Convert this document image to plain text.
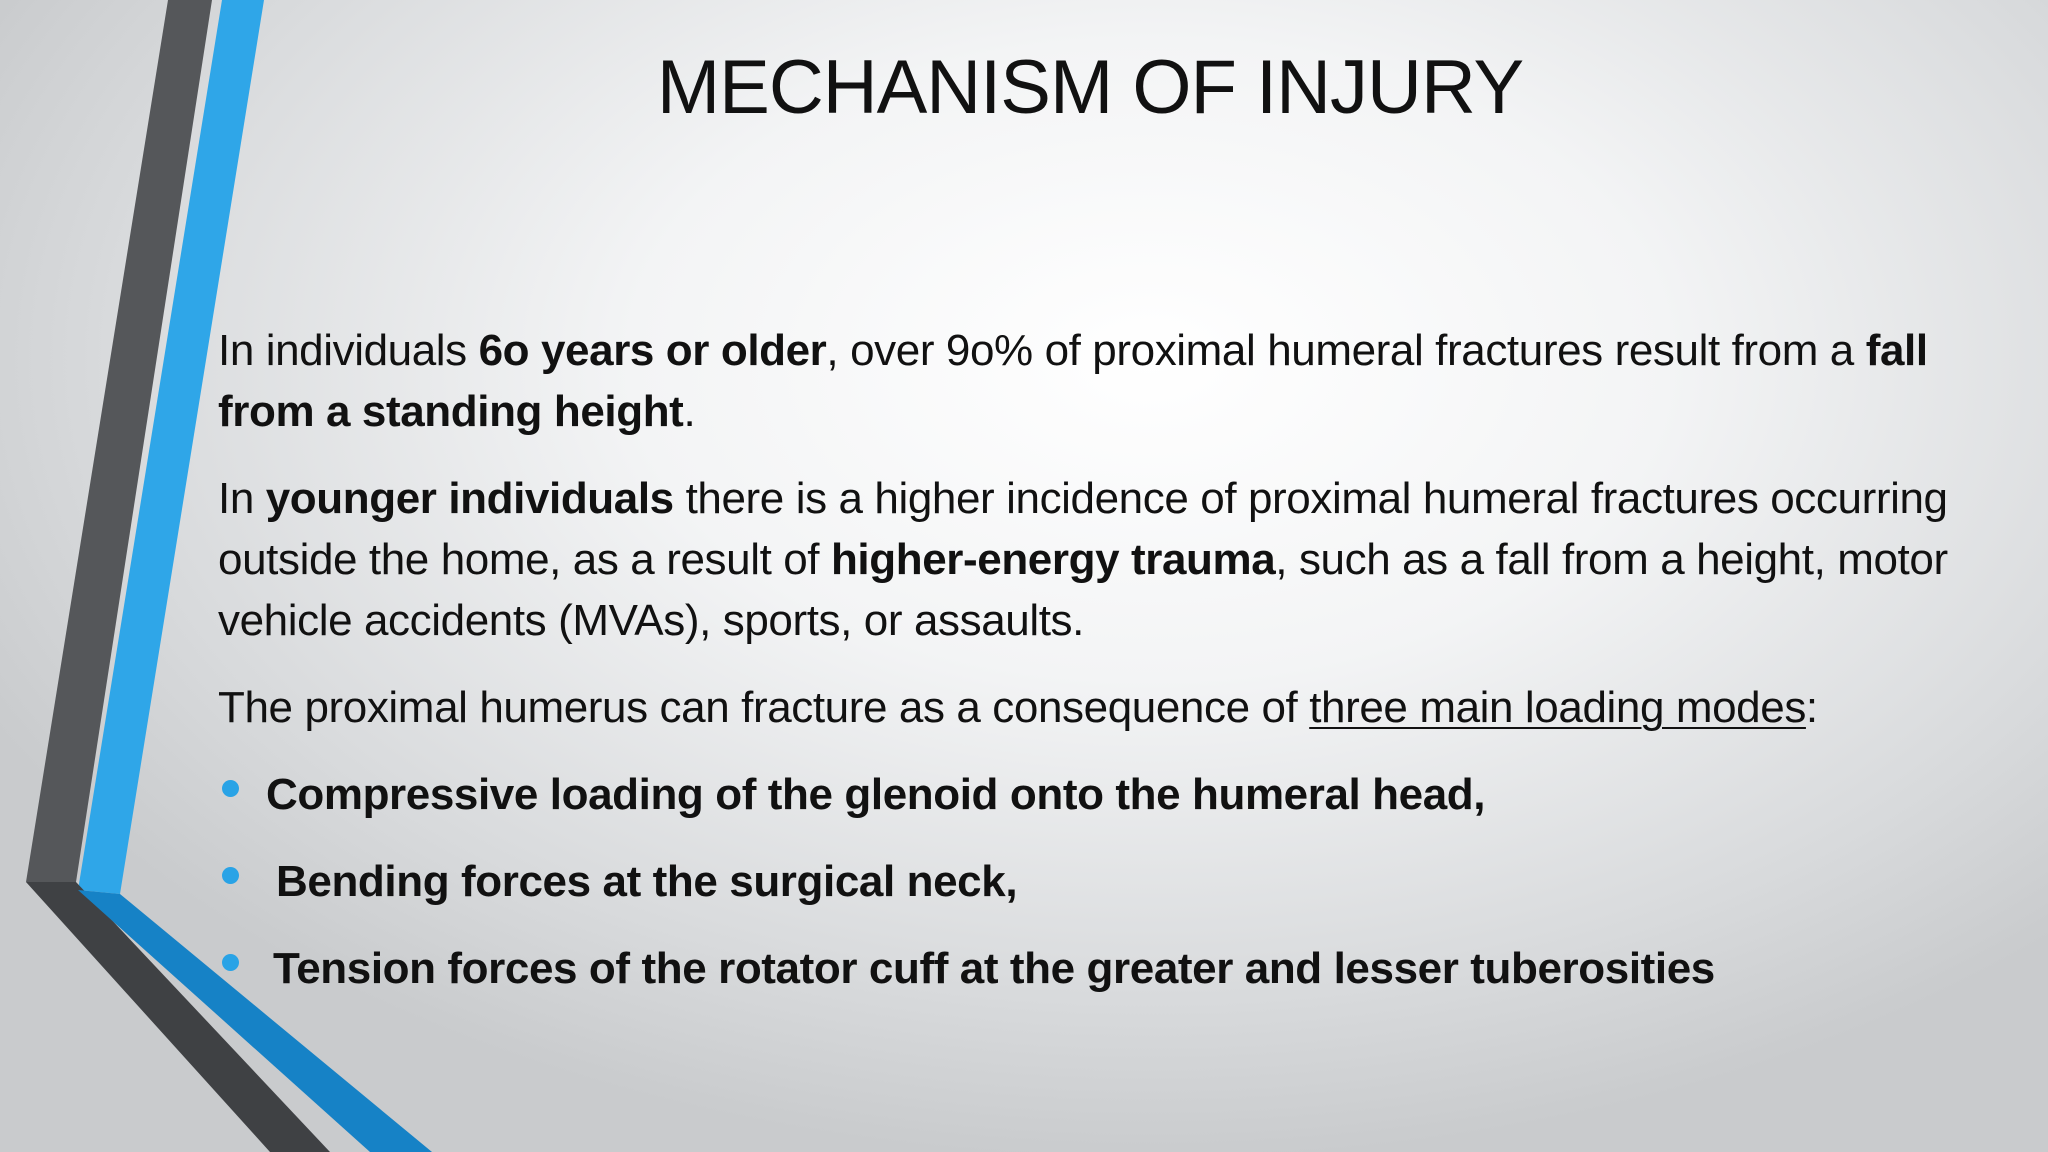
MECHANISM OF INJURY

In individuals 6o years or older, over 9o% of proximal humeral fractures result from a fall from a standing height.

In younger individuals there is a higher incidence of proximal humeral fractures occurring outside the home, as a result of higher-energy trauma, such as a fall from a height, motor vehicle accidents (MVAs), sports, or assaults.

The proximal humerus can fracture as a consequence of three main loading modes:

Compressive loading of the glenoid onto the humeral head,
Bending forces at the surgical neck,
Tension forces of the rotator cuff at the greater and lesser tuberosities
